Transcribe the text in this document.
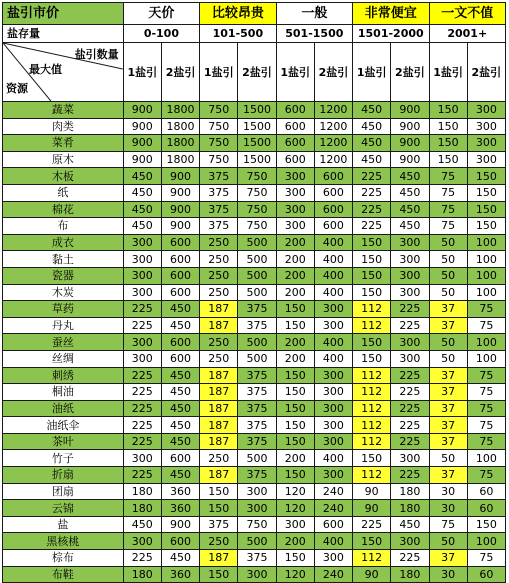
盐引市价	天价		比较昂贵		一般		非常便宜		一文不值	
盐存量	0-100		101-500		501-1500		1501-2000		2001+	

盐引数量
最大值
资源	1盐引	2盐引	1盐引	2盐引	1盐引	2盐引	1盐引	2盐引	1盐引	2盐引
蔬菜	900	1800	750	1500	600	1200	450	900	150	300
肉类	900	1800	750	1500	600	1200	450	900	150	300
菜肴	900	1800	750	1500	600	1200	450	900	150	300
原木	900	1800	750	1500	600	1200	450	900	150	300
木板	450	900	375	750	300	600	225	450	75	150
纸	450	900	375	750	300	600	225	450	75	150
棉花	450	900	375	750	300	600	225	450	75	150
布	450	900	375	750	300	600	225	450	75	150
成衣	300	600	250	500	200	400	150	300	50	100
黏土	300	600	250	500	200	400	150	300	50	100
瓷器	300	600	250	500	200	400	150	300	50	100
木炭	300	600	250	500	200	400	150	300	50	100
草药	225	450	187	375	150	300	112	225	37	75
丹丸	225	450	187	375	150	300	112	225	37	75
蚕丝	300	600	250	500	200	400	150	300	50	100
丝绸	300	600	250	500	200	400	150	300	50	100
刺绣	225	450	187	375	150	300	112	225	37	75
桐油	225	450	187	375	150	300	112	225	37	75
油纸	225	450	187	375	150	300	112	225	37	75
油纸伞	225	450	187	375	150	300	112	225	37	75
茶叶	225	450	187	375	150	300	112	225	37	75
竹子	300	600	250	500	200	400	150	300	50	100
折扇	225	450	187	375	150	300	112	225	37	75
团扇	180	360	150	300	120	240	90	180	30	60
云锦	180	360	150	300	120	240	90	180	30	60
盐	450	900	375	750	300	600	225	450	75	150
黑核桃	300	600	250	500	200	400	150	300	50	100
棕布	225	450	187	375	150	300	112	225	37	75
布鞋	180	360	150	300	120	240	90	180	30	60
